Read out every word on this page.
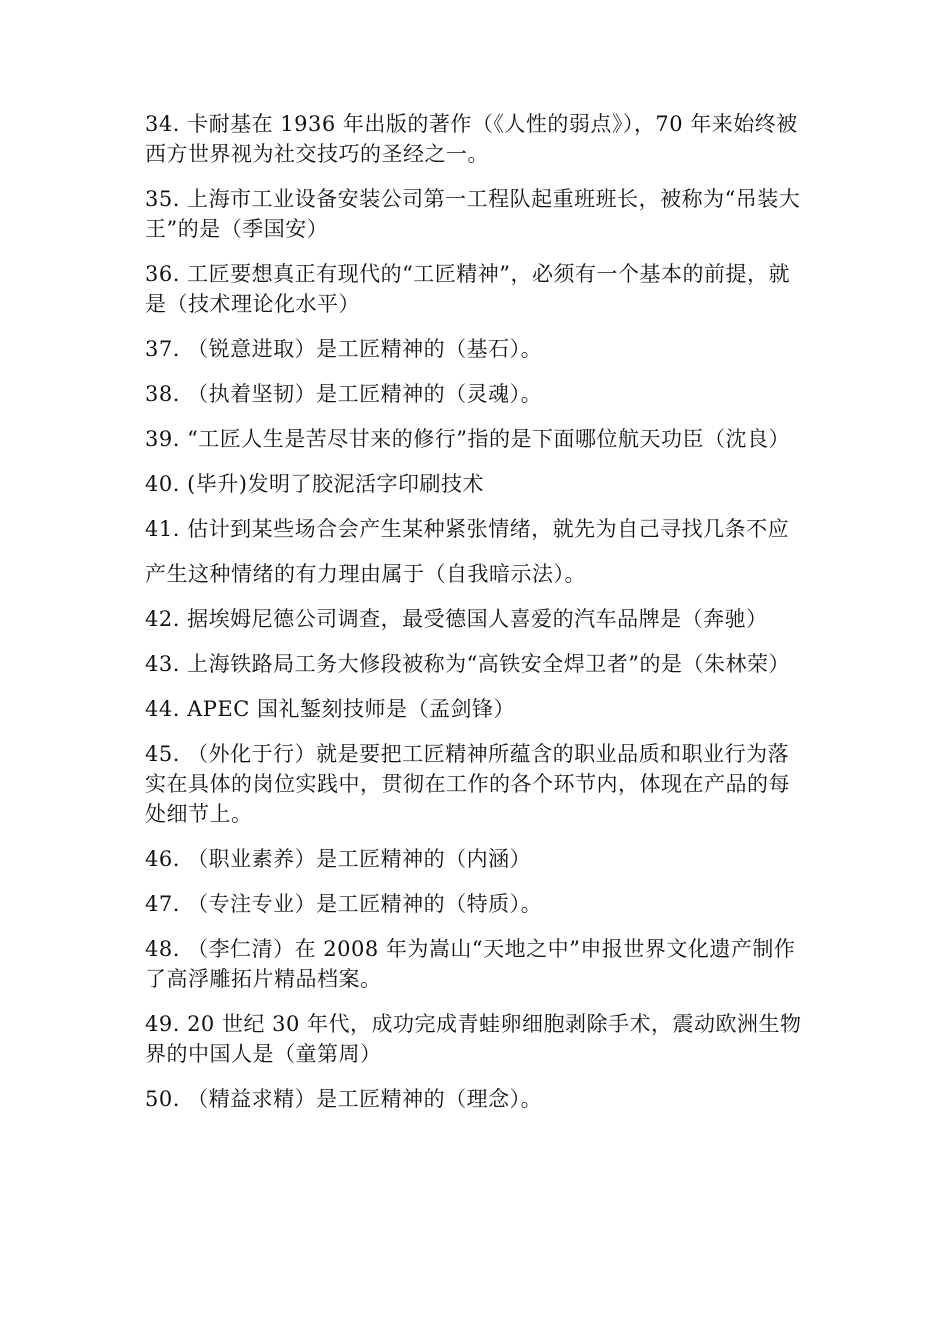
34. 卡耐基在 1936 年出版的著作（《人性的弱点》），70 年来始终被西方世界视为社交技巧的圣经之一。

35. 上海市工业设备安装公司第一工程队起重班班长，被称为“吊装大王”的是（季国安）

36. 工匠要想真正有现代的“工匠精神”，必须有一个基本的前提，就是（技术理论化水平）

37. （锐意进取）是工匠精神的（基石）。

38. （执着坚韧）是工匠精神的（灵魂）。

39. “工匠人生是苦尽甘来的修行”指的是下面哪位航天功臣（沈良）

40. (毕升)发明了胶泥活字印刷技术

41. 估计到某些场合会产生某种紧张情绪，就先为自己寻找几条不应

产生这种情绪的有力理由属于（自我暗示法）。

42. 据埃姆尼德公司调查，最受德国人喜爱的汽车品牌是（奔驰）

43. 上海铁路局工务大修段被称为“高铁安全焊卫者”的是（朱林荣）

44. APEC 国礼錾刻技师是（孟剑锋）

45. （外化于行）就是要把工匠精神所蕴含的职业品质和职业行为落实在具体的岗位实践中，贯彻在工作的各个环节内，体现在产品的每处细节上。

46. （职业素养）是工匠精神的（内涵）

47. （专注专业）是工匠精神的（特质）。

48. （李仁清）在 2008 年为嵩山“天地之中”申报世界文化遗产制作了高浮雕拓片精品档案。

49. 20 世纪 30 年代，成功完成青蛙卵细胞剥除手术，震动欧洲生物界的中国人是（童第周）

50. （精益求精）是工匠精神的（理念）。
